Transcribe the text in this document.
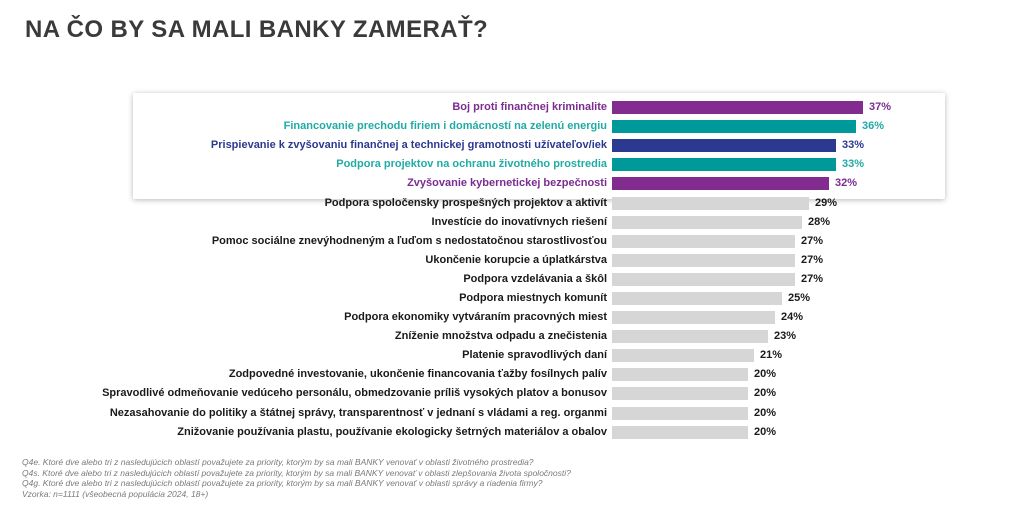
NA ČO BY SA MALI BANKY ZAMERAŤ?
Boj proti finančnej kriminalite	37%
Financovanie prechodu firiem i domácností na zelenú energiu	36%
Prispievanie k zvyšovaniu finančnej a technickej gramotnosti užívateľov/iek	33%
Podpora projektov na ochranu životného prostredia	33%
Zvyšovanie kybernetickej bezpečnosti	32%
Podpora spoločensky prospešných projektov a aktivít	29%
Investície do inovatívnych riešení	28%
Pomoc sociálne znevýhodneným a ľuďom s nedostatočnou starostlivosťou	27%
Ukončenie korupcie a úplatkárstva	27%
Podpora vzdelávania a škôl	27%
Podpora miestnych komunít	25%
Podpora ekonomiky vytváraním pracovných miest	24%
Zníženie množstva odpadu a znečistenia	23%
Platenie spravodlivých daní	21%
Zodpovedné investovanie, ukončenie financovania ťažby fosílnych palív	20%
Spravodlivé odmeňovanie vedúceho personálu, obmedzovanie príliš vysokých platov a bonusov	20%
Nezasahovanie do politiky a štátnej správy, transparentnosť v jednaní s vládami a reg. organmi	20%
Znižovanie používania plastu, používanie ekologicky šetrných materiálov a obalov	20%
Q4e. Ktoré dve alebo tri z nasledujúcich oblastí považujete za priority, ktorým by sa mali BANKY venovať v oblasti životného prostredia?
Q4s. Ktoré dve alebo tri z nasledujúcich oblastí považujete za priority, ktorým by sa mali BANKY venovať v oblasti zlepšovania života spoločnosti?
Q4g. Ktoré dve alebo tri z nasledujúcich oblastí považujete za priority, ktorým by sa mali BANKY venovať v oblasti správy a riadenia firmy?
Vzorka: n=1111 (všeobecná populácia 2024, 18+)
